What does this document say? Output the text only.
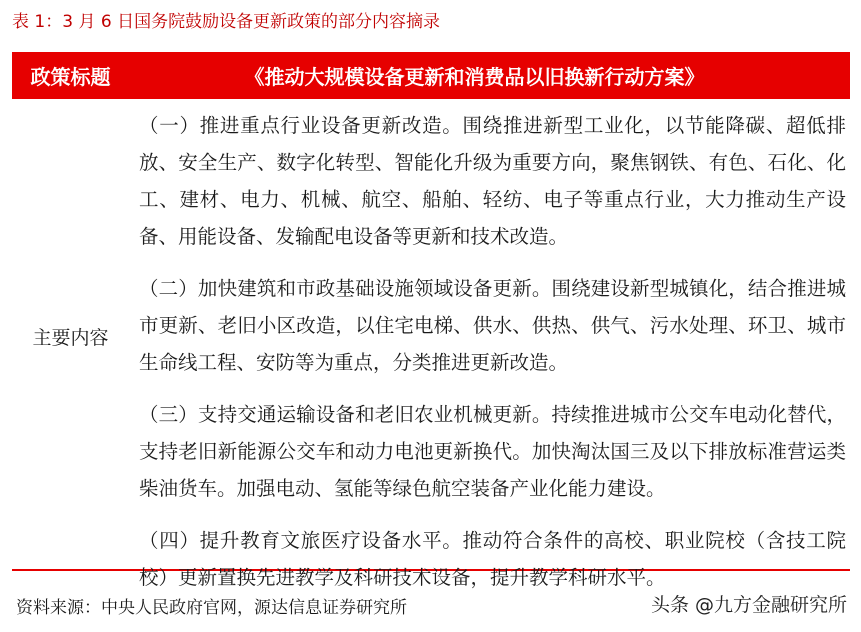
表 1：3 月 6 日国务院鼓励设备更新政策的部分内容摘录
政策标题	《推动大规模设备更新和消费品以旧换新行动方案》
主要内容

（一）推进重点行业设备更新改造。围绕推进新型工业化，以节能降碳、超低排放、安全生产、数字化转型、智能化升级为重要方向，聚焦钢铁、有色、石化、化工、建材、电力、机械、航空、船舶、轻纺、电子等重点行业，大力推动生产设备、用能设备、发输配电设备等更新和技术改造。

（二）加快建筑和市政基础设施领域设备更新。围绕建设新型城镇化，结合推进城市更新、老旧小区改造，以住宅电梯、供水、供热、供气、污水处理、环卫、城市生命线工程、安防等为重点，分类推进更新改造。

（三）支持交通运输设备和老旧农业机械更新。持续推进城市公交车电动化替代，支持老旧新能源公交车和动力电池更新换代。加快淘汰国三及以下排放标准营运类柴油货车。加强电动、氢能等绿色航空装备产业化能力建设。

（四）提升教育文旅医疗设备水平。推动符合条件的高校、职业院校（含技工院校）更新置换先进教学及科研技术设备，提升教学科研水平。

资料来源：中央人民政府官网，源达信息证券研究所	头条 @九方金融研究所
